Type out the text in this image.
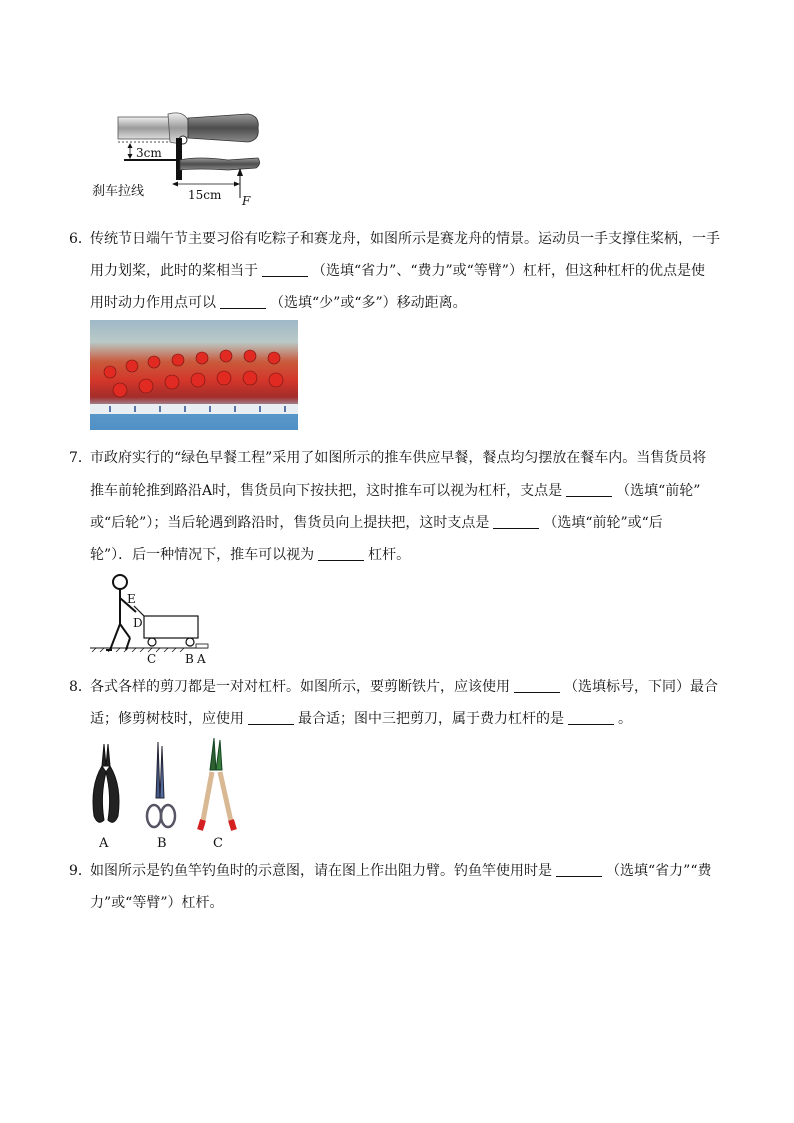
3cm
15cm F
刹车拉线
6．
传统节日端午节主要习俗有吃粽子和赛龙舟，如图所示是赛龙舟的情景。运动员一手支撑住桨柄，一手
用力划桨，此时的桨相当于	（选填“省力”、“费力”或“等臂”）杠杆，但这种杠杆的优点是使
用时动力作用点可以	（选填“少”或“多”）移动距离。
7．
市政府实行的“绿色早餐工程”采用了如图所示的推车供应早餐，餐点均匀摆放在餐车内。当售货员将
推车前轮推到路沿A时，售货员向下按扶把，这时推车可以视为杠杆，支点是	（选填“前轮”
或“后轮”）；当后轮遇到路沿时，售货员向上提扶把，这时支点是	（选填“前轮”或“后
轮”）．后一种情况下，推车可以视为	杠杆。
E
D
C B A
8．
各式各样的剪刀都是一对对杠杆。如图所示，要剪断铁片，应该使用	（选填标号，下同）最合
适；修剪树枝时，应使用	最合适；图中三把剪刀，属于费力杠杆的是	。
A	B	C
9．
如图所示是钓鱼竿钓鱼时的示意图，请在图上作出阻力臂。钓鱼竿使用时是	（选填“省力”“费
力”或“等臂”）杠杆。
